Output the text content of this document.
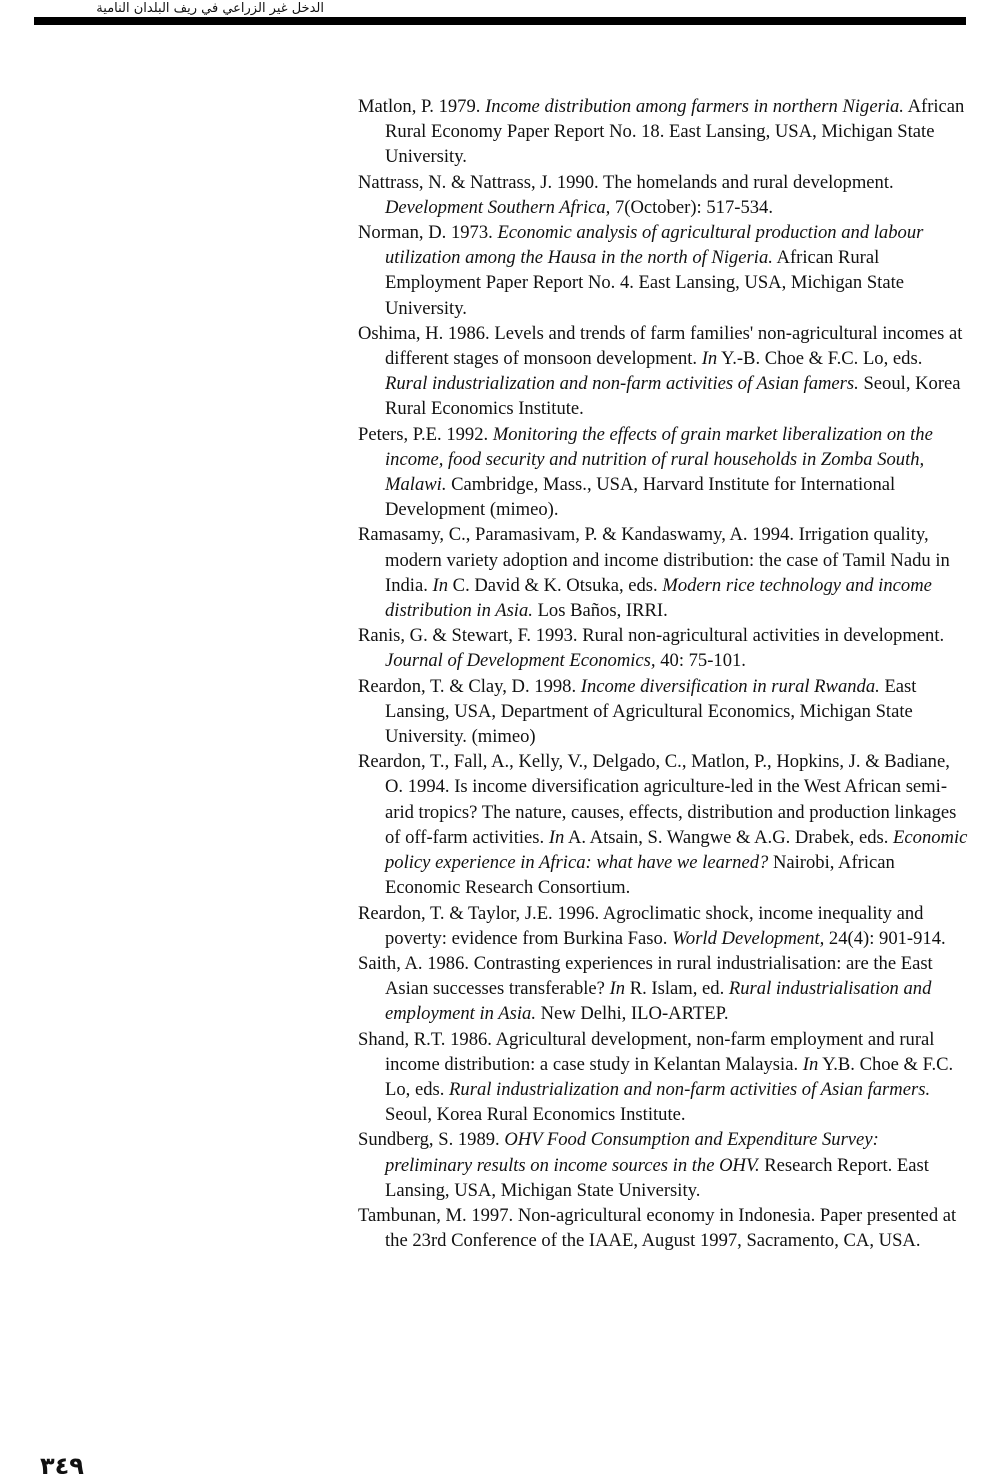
الدخل غير الزراعي في ريف البلدان النامية

Matlon, P. 1979. Income distribution among farmers in northern Nigeria. African Rural Economy Paper Report No. 18. East Lansing, USA, Michigan State University.

Nattrass, N. & Nattrass, J. 1990. The homelands and rural development. Development Southern Africa, 7(October): 517-534.

Norman, D. 1973. Economic analysis of agricultural production and labour utilization among the Hausa in the north of Nigeria. African Rural Employment Paper Report No. 4. East Lansing, USA, Michigan State University.

Oshima, H. 1986. Levels and trends of farm families' non-agricultural incomes at different stages of monsoon development. In Y.-B. Choe & F.C. Lo, eds. Rural industrialization and non-farm activities of Asian famers. Seoul, Korea Rural Economics Institute.

Peters, P.E. 1992. Monitoring the effects of grain market liberalization on the income, food security and nutrition of rural households in Zomba South, Malawi. Cambridge, Mass., USA, Harvard Institute for International Development (mimeo).

Ramasamy, C., Paramasivam, P. & Kandaswamy, A. 1994. Irrigation quality, modern variety adoption and income distribution: the case of Tamil Nadu in India. In C. David & K. Otsuka, eds. Modern rice technology and income distribution in Asia. Los Baños, IRRI.

Ranis, G. & Stewart, F. 1993. Rural non-agricultural activities in development. Journal of Development Economics, 40: 75-101.

Reardon, T. & Clay, D. 1998. Income diversification in rural Rwanda. East Lansing, USA, Department of Agricultural Economics, Michigan State University. (mimeo)

Reardon, T., Fall, A., Kelly, V., Delgado, C., Matlon, P., Hopkins, J. & Badiane, O. 1994. Is income diversification agriculture-led in the West African semi-arid tropics? The nature, causes, effects, distribution and production linkages of off-farm activities. In A. Atsain, S. Wangwe & A.G. Drabek, eds. Economic policy experience in Africa: what have we learned? Nairobi, African Economic Research Consortium.

Reardon, T. & Taylor, J.E. 1996. Agroclimatic shock, income inequality and poverty: evidence from Burkina Faso. World Development, 24(4): 901-914.

Saith, A. 1986. Contrasting experiences in rural industrialisation: are the East Asian successes transferable? In R. Islam, ed. Rural industrialisation and employment in Asia. New Delhi, ILO-ARTEP.

Shand, R.T. 1986. Agricultural development, non-farm employment and rural income distribution: a case study in Kelantan Malaysia. In Y.B. Choe & F.C. Lo, eds. Rural industrialization and non-farm activities of Asian farmers. Seoul, Korea Rural Economics Institute.

Sundberg, S. 1989. OHV Food Consumption and Expenditure Survey: preliminary results on income sources in the OHV. Research Report. East Lansing, USA, Michigan State University.

Tambunan, M. 1997. Non-agricultural economy in Indonesia. Paper presented at the 23rd Conference of the IAAE, August 1997, Sacramento, CA, USA.

٣٤٩
